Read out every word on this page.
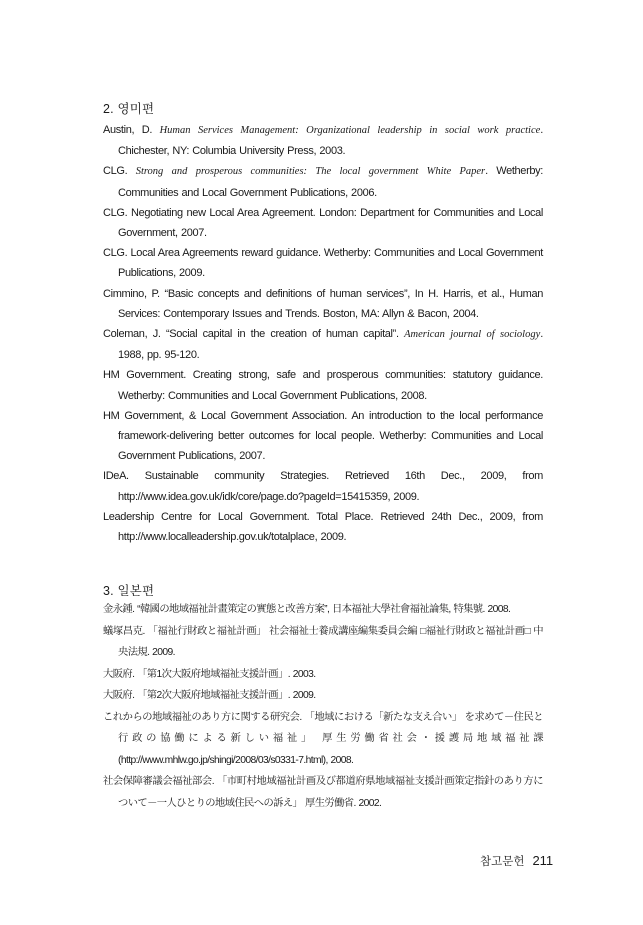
2. 영미편
Austin, D. Human Services Management: Organizational leadership in social work practice. Chichester, NY: Columbia University Press, 2003.
CLG. Strong and prosperous communities: The local government White Paper. Wetherby: Communities and Local Government Publications, 2006.
CLG. Negotiating new Local Area Agreement. London: Department for Communities and Local Government, 2007.
CLG. Local Area Agreements reward guidance. Wetherby: Communities and Local Government Publications, 2009.
Cimmino, P. “Basic concepts and definitions of human services”, In H. Harris, et al., Human Services: Contemporary Issues and Trends. Boston, MA: Allyn & Bacon, 2004.
Coleman, J. “Social capital in the creation of human capital”. American journal of sociology. 1988, pp. 95-120.
HM Government. Creating strong, safe and prosperous communities: statutory guidance. Wetherby: Communities and Local Government Publications, 2008.
HM Government, & Local Government Association. An introduction to the local performance framework-delivering better outcomes for local people. Wetherby: Communities and Local Government Publications, 2007.
IDeA. Sustainable community Strategies. Retrieved 16th Dec., 2009, from http://www.idea.gov.uk/idk/core/page.do?pageId=15415359, 2009.
Leadership Centre for Local Government. Total Place. Retrieved 24th Dec., 2009, from http://www.localleadership.gov.uk/totalplace, 2009.
3. 일본편
金永鍾. “韓國の地域福祉計畫策定の實態と改善方案”, 日本福祉大學社會福祉論集, 特集號. 2008.
蟻塚昌克. 「福祉行財政と福祉計画」 社会福祉士養成講座編集委員会編 □福祉行財政と福祉計画□ 中央法規. 2009.
大阪府. 「第1次大阪府地域福祉支援計画」. 2003.
大阪府. 「第2次大阪府地域福祉支援計画」. 2009.
これからの地域福祉のあり方に関する研究会. 「地域における「新たな支え合い」 を求めて－住民と行政の協働による新しい福祉」 厚生労働省社会・援護局地域福祉課 (http://www.mhlw.go.jp/shingi/2008/03/s0331-7.html), 2008.
社会保障審議会福祉部会. 「市町村地域福祉計画及び都道府県地域福祉支援計画策定指針のあり方について－一人ひとりの地域住民への訴え」 厚生労働省. 2002.
참고문헌 211
